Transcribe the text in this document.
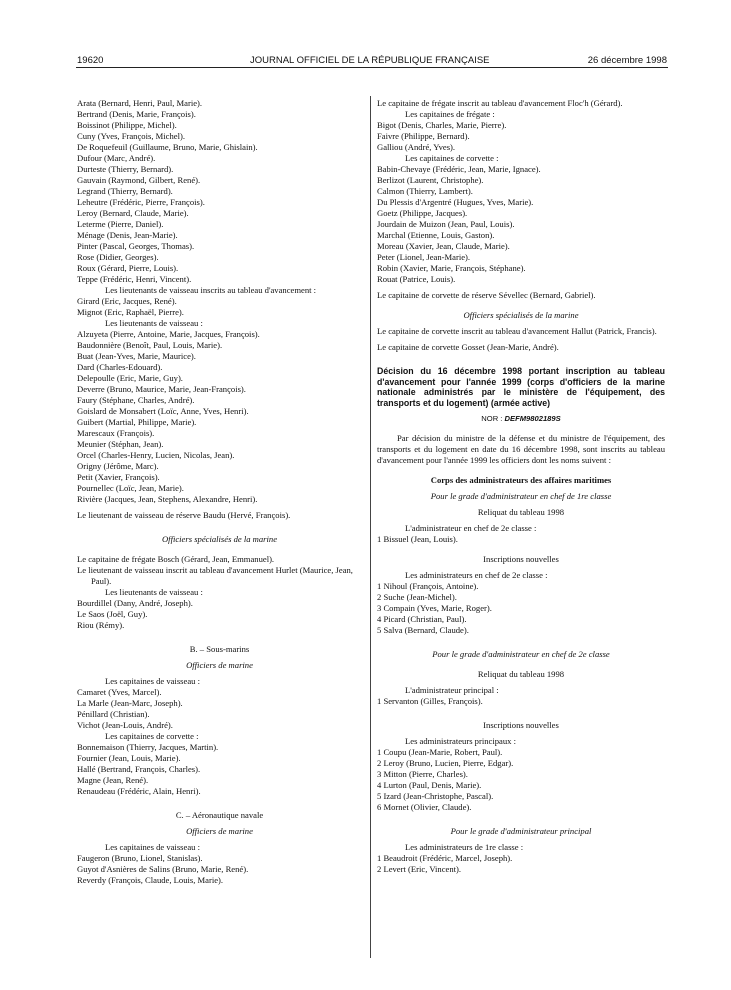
19620	JOURNAL OFFICIEL DE LA RÉPUBLIQUE FRANÇAISE	26 décembre 1998
Arata (Bernard, Henri, Paul, Marie).
Bertrand (Denis, Marie, François).
Boissinot (Philippe, Michel).
Cuny (Yves, François, Michel).
De Roquefeuil (Guillaume, Bruno, Marie, Ghislain).
Dufour (Marc, André).
Durteste (Thierry, Bernard).
Gauvain (Raymond, Gilbert, René).
Legrand (Thierry, Bernard).
Leheutre (Frédéric, Pierre, François).
Leroy (Bernard, Claude, Marie).
Leterme (Pierre, Daniel).
Ménage (Denis, Jean-Marie).
Pinter (Pascal, Georges, Thomas).
Rose (Didier, Georges).
Roux (Gérard, Pierre, Louis).
Teppe (Frédéric, Henri, Vincent).
Les lieutenants de vaisseau inscrits au tableau d'avancement :
Girard (Eric, Jacques, René).
Mignot (Eric, Raphaël, Pierre).
Les lieutenants de vaisseau :
Alzuyeta (Pierre, Antoine, Marie, Jacques, François).
Baudonnière (Benoît, Paul, Louis, Marie).
Buat (Jean-Yves, Marie, Maurice).
Dard (Charles-Edouard).
Delepoulle (Eric, Marie, Guy).
Deverre (Bruno, Maurice, Marie, Jean-François).
Faury (Stéphane, Charles, André).
Goislard de Monsabert (Loïc, Anne, Yves, Henri).
Guibert (Martial, Philippe, Marie).
Marescaux (François).
Meunier (Stéphan, Jean).
Orcel (Charles-Henry, Lucien, Nicolas, Jean).
Origny (Jérôme, Marc).
Petit (Xavier, François).
Pournellec (Loïc, Jean, Marie).
Rivière (Jacques, Jean, Stephens, Alexandre, Henri).
Le lieutenant de vaisseau de réserve Baudu (Hervé, François).
Officiers spécialisés de la marine
Le capitaine de frégate Bosch (Gérard, Jean, Emmanuel).
Le lieutenant de vaisseau inscrit au tableau d'avancement Hurlet (Maurice, Jean, Paul).
Les lieutenants de vaisseau :
Bourdillel (Dany, André, Joseph).
Le Saos (Joël, Guy).
Riou (Rémy).
B. – Sous-marins
Officiers de marine
Les capitaines de vaisseau :
Camaret (Yves, Marcel).
La Marle (Jean-Marc, Joseph).
Pénillard (Christian).
Vichot (Jean-Louis, André).
Les capitaines de corvette :
Bonnemaison (Thierry, Jacques, Martin).
Fournier (Jean, Louis, Marie).
Hallé (Bertrand, François, Charles).
Magne (Jean, René).
Renaudeau (Frédéric, Alain, Henri).
C. – Aéronautique navale
Officiers de marine
Les capitaines de vaisseau :
Faugeron (Bruno, Lionel, Stanislas).
Guyot d'Asnières de Salins (Bruno, Marie, René).
Reverdy (François, Claude, Louis, Marie).
Le capitaine de frégate inscrit au tableau d'avancement Floc'h (Gérard).
Les capitaines de frégate :
Bigot (Denis, Charles, Marie, Pierre).
Faivre (Philippe, Bernard).
Galliou (André, Yves).
Les capitaines de corvette :
Babin-Chevaye (Frédéric, Jean, Marie, Ignace).
Berlizot (Laurent, Christophe).
Calmon (Thierry, Lambert).
Du Plessis d'Argentré (Hugues, Yves, Marie).
Goetz (Philippe, Jacques).
Jourdain de Muizon (Jean, Paul, Louis).
Marchal (Etienne, Louis, Gaston).
Moreau (Xavier, Jean, Claude, Marie).
Peter (Lionel, Jean-Marie).
Robin (Xavier, Marie, François, Stéphane).
Rouat (Patrice, Louis).
Le capitaine de corvette de réserve Sévellec (Bernard, Gabriel).
Officiers spécialisés de la marine
Le capitaine de corvette inscrit au tableau d'avancement Hallut (Patrick, Francis).
Le capitaine de corvette Gosset (Jean-Marie, André).
Décision du 16 décembre 1998 portant inscription au tableau d'avancement pour l'année 1999 (corps d'officiers de la marine nationale administrés par le ministère de l'équipement, des transports et du logement) (armée active)
NOR : DEFM9802189S
Par décision du ministre de la défense et du ministre de l'équipement, des transports et du logement en date du 16 décembre 1998, sont inscrits au tableau d'avancement pour l'année 1999 les officiers dont les noms suivent :
Corps des administrateurs des affaires maritimes
Pour le grade d'administrateur en chef de 1re classe
Reliquat du tableau 1998
L'administrateur en chef de 2e classe :
1 Bissuel (Jean, Louis).
Inscriptions nouvelles
Les administrateurs en chef de 2e classe :
1 Nihoul (François, Antoine).
2 Suche (Jean-Michel).
3 Compain (Yves, Marie, Roger).
4 Picard (Christian, Paul).
5 Salva (Bernard, Claude).
Pour le grade d'administrateur en chef de 2e classe
Reliquat du tableau 1998
L'administrateur principal :
1 Servanton (Gilles, François).
Inscriptions nouvelles
Les administrateurs principaux :
1 Coupu (Jean-Marie, Robert, Paul).
2 Leroy (Bruno, Lucien, Pierre, Edgar).
3 Mitton (Pierre, Charles).
4 Lurton (Paul, Denis, Marie).
5 Izard (Jean-Christophe, Pascal).
6 Mornet (Olivier, Claude).
Pour le grade d'administrateur principal
Les administrateurs de 1re classe :
1 Beaudroit (Frédéric, Marcel, Joseph).
2 Levert (Eric, Vincent).
